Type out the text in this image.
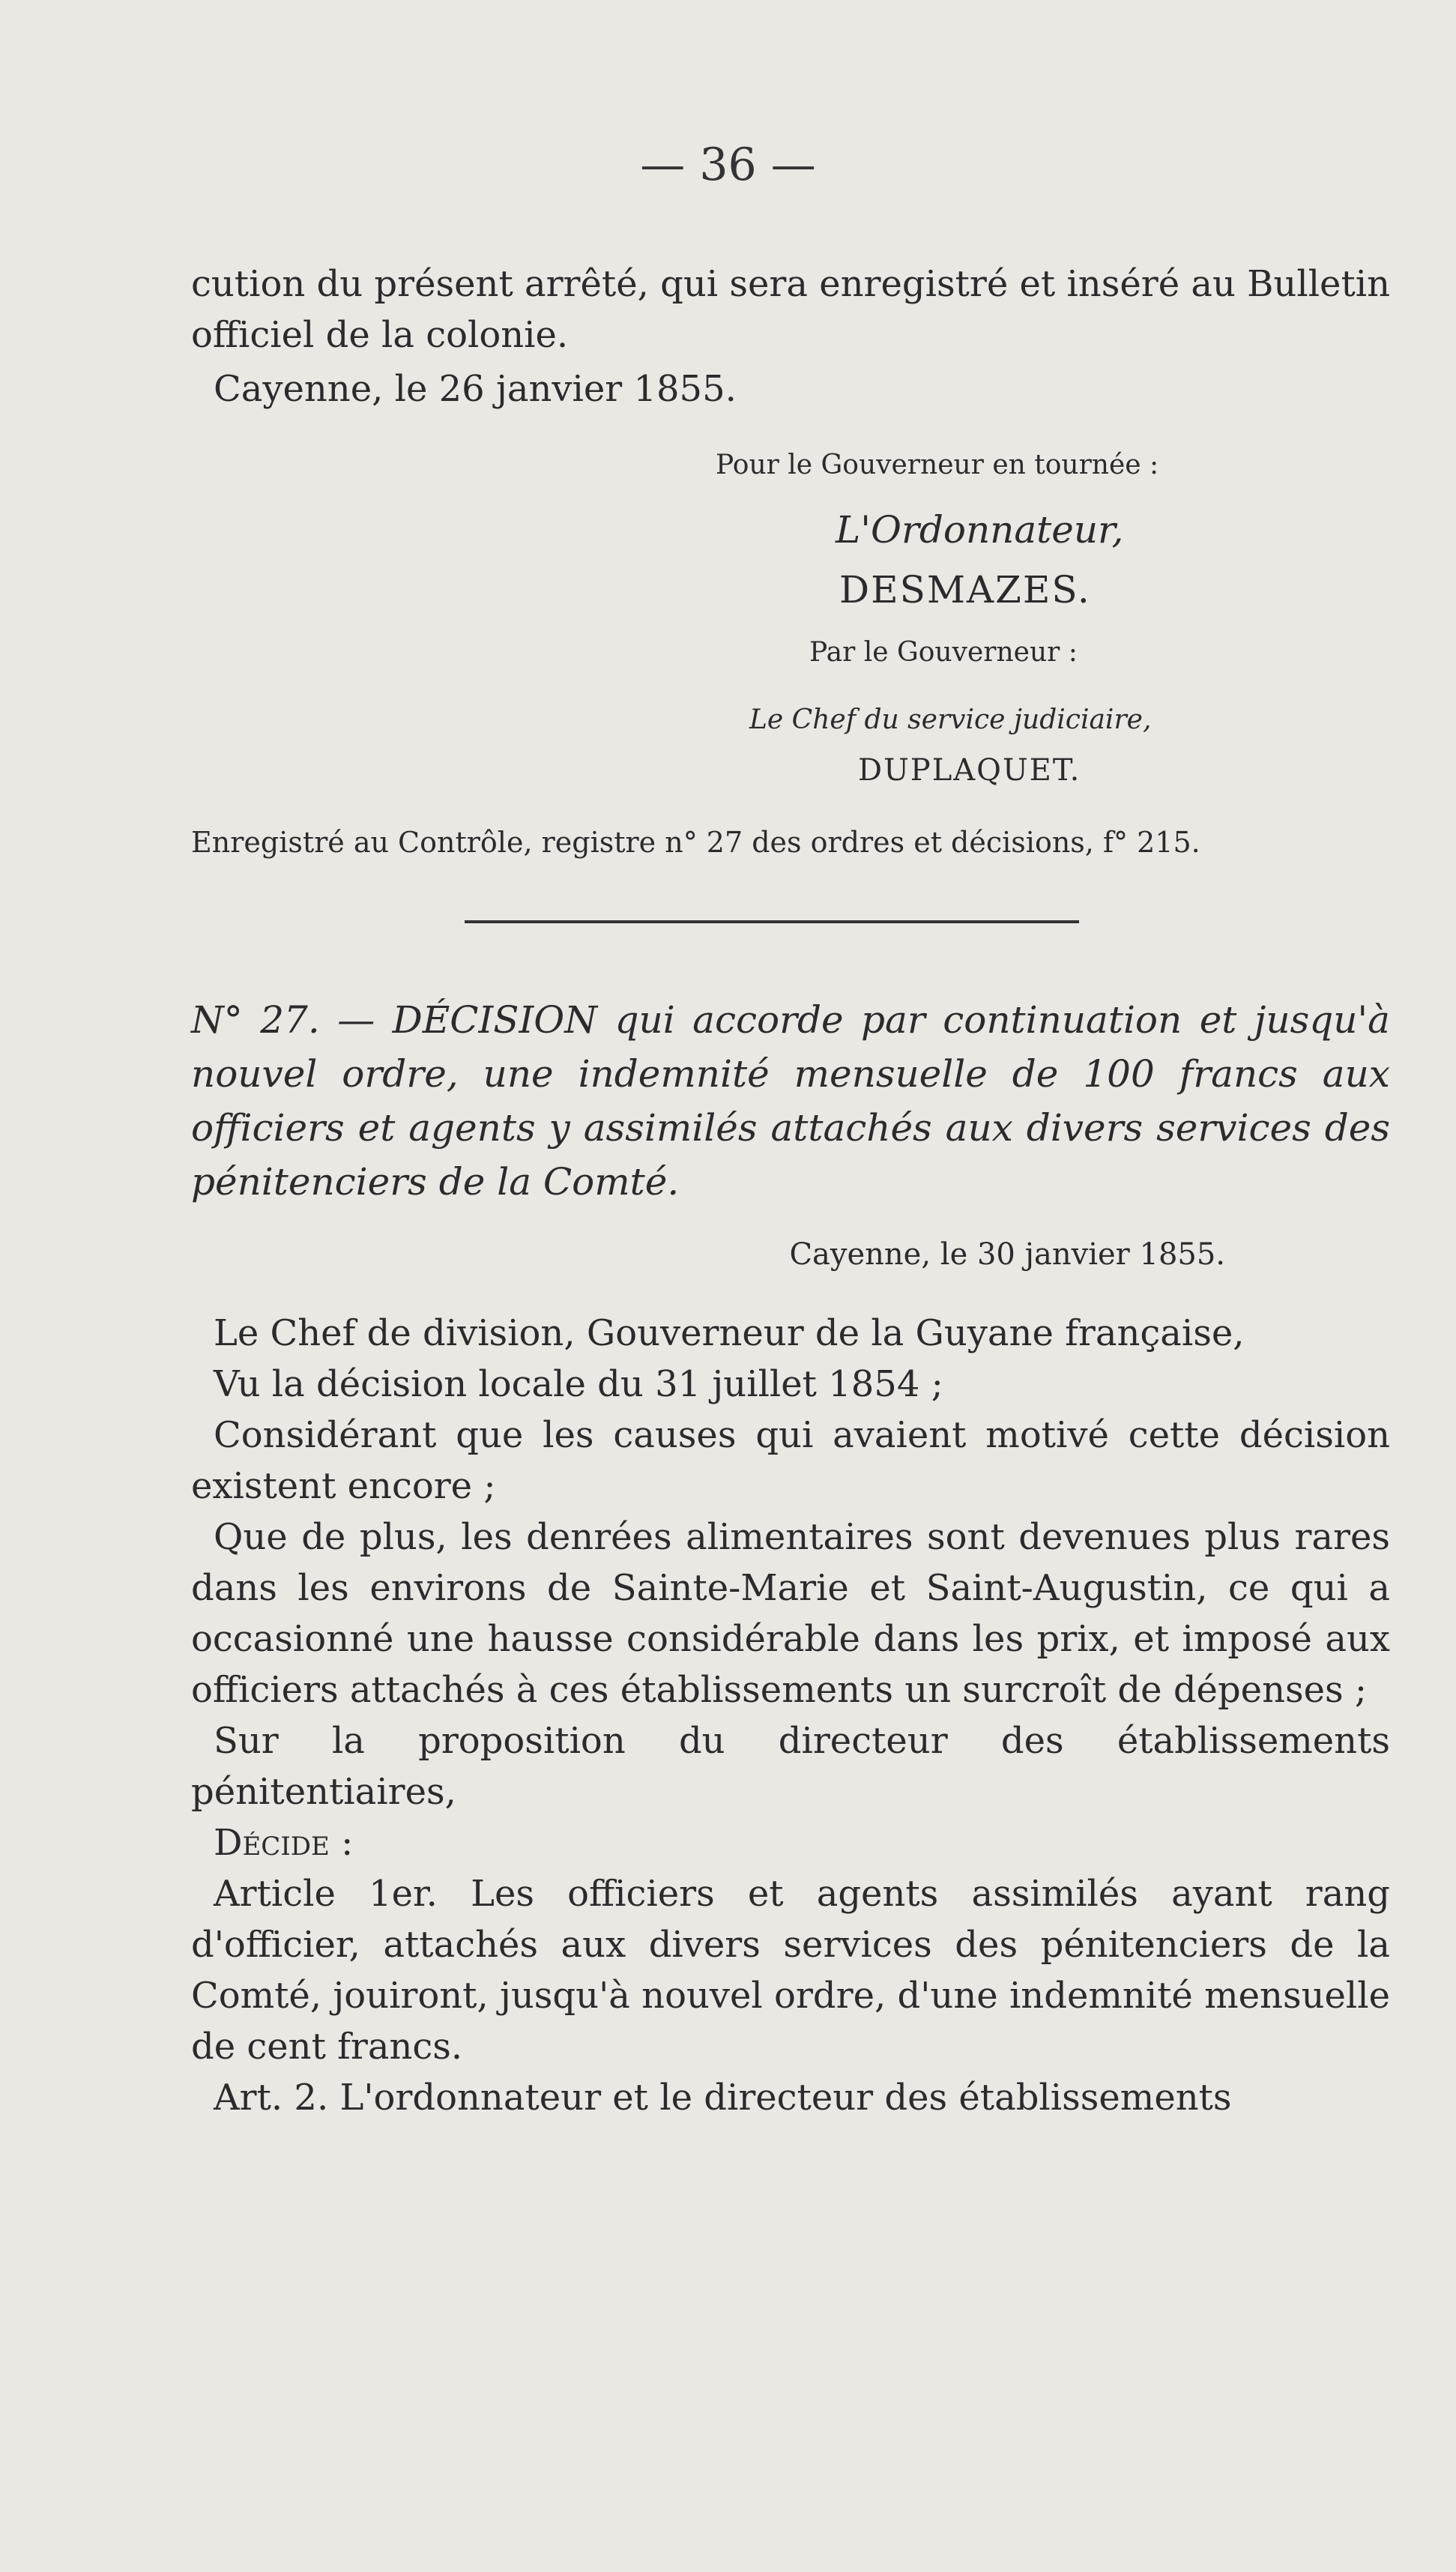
— 36 —

cution du présent arrêté, qui sera enregistré et inséré au Bulletin officiel de la colonie.

Cayenne, le 26 janvier 1855.

Pour le Gouverneur en tournée :
L'Ordonnateur,
DESMAZES.
Par le Gouverneur :
Le Chef du service judiciaire,
DUPLAQUET.

Enregistré au Contrôle, registre n° 27 des ordres et décisions, f° 215.

N° 27. — DÉCISION qui accorde par continuation et jusqu'à nouvel ordre, une indemnité mensuelle de 100 francs aux officiers et agents y assimilés attachés aux divers services des pénitenciers de la Comté.

Cayenne, le 30 janvier 1855.

Le Chef de division, Gouverneur de la Guyane française,

Vu la décision locale du 31 juillet 1854 ;

Considérant que les causes qui avaient motivé cette décision existent encore ;

Que de plus, les denrées alimentaires sont devenues plus rares dans les environs de Sainte-Marie et Saint-Augustin, ce qui a occasionné une hausse considérable dans les prix, et imposé aux officiers attachés à ces établissements un surcroît de dépenses ;

Sur la proposition du directeur des établissements pénitentiaires,

Décide :

Article 1er. Les officiers et agents assimilés ayant rang d'officier, attachés aux divers services des pénitenciers de la Comté, jouiront, jusqu'à nouvel ordre, d'une indemnité mensuelle de cent francs.

Art. 2. L'ordonnateur et le directeur des établissements
